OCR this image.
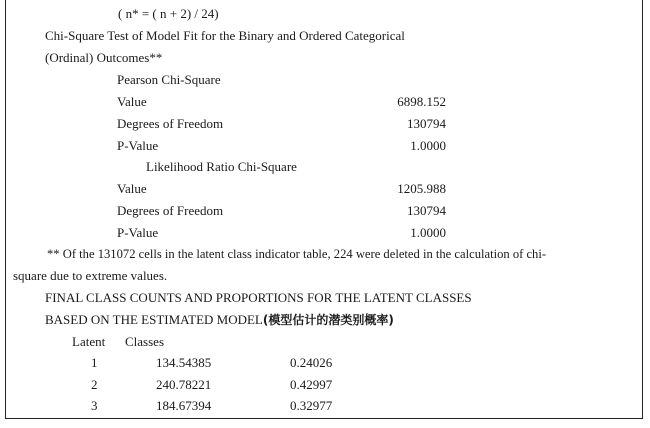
( n* = ( n + 2) / 24)
Chi-Square Test of Model Fit for the Binary and Ordered Categorical
(Ordinal) Outcomes**
Pearson Chi-Square
Value	6898.152
Degrees of Freedom	130794
P-Value	1.0000
Likelihood Ratio Chi-Square
Value	1205.988
Degrees of Freedom	130794
P-Value	1.0000
** Of the 131072 cells in the latent class indicator table, 224 were deleted in the calculation of chi-
square due to extreme values.
FINAL CLASS COUNTS AND PROPORTIONS FOR THE LATENT CLASSES
BASED ON THE ESTIMATED MODEL(模型估计的潜类别概率)
Latent Classes
1	134.54385	0.24026
2	240.78221	0.42997
3	184.67394	0.32977
